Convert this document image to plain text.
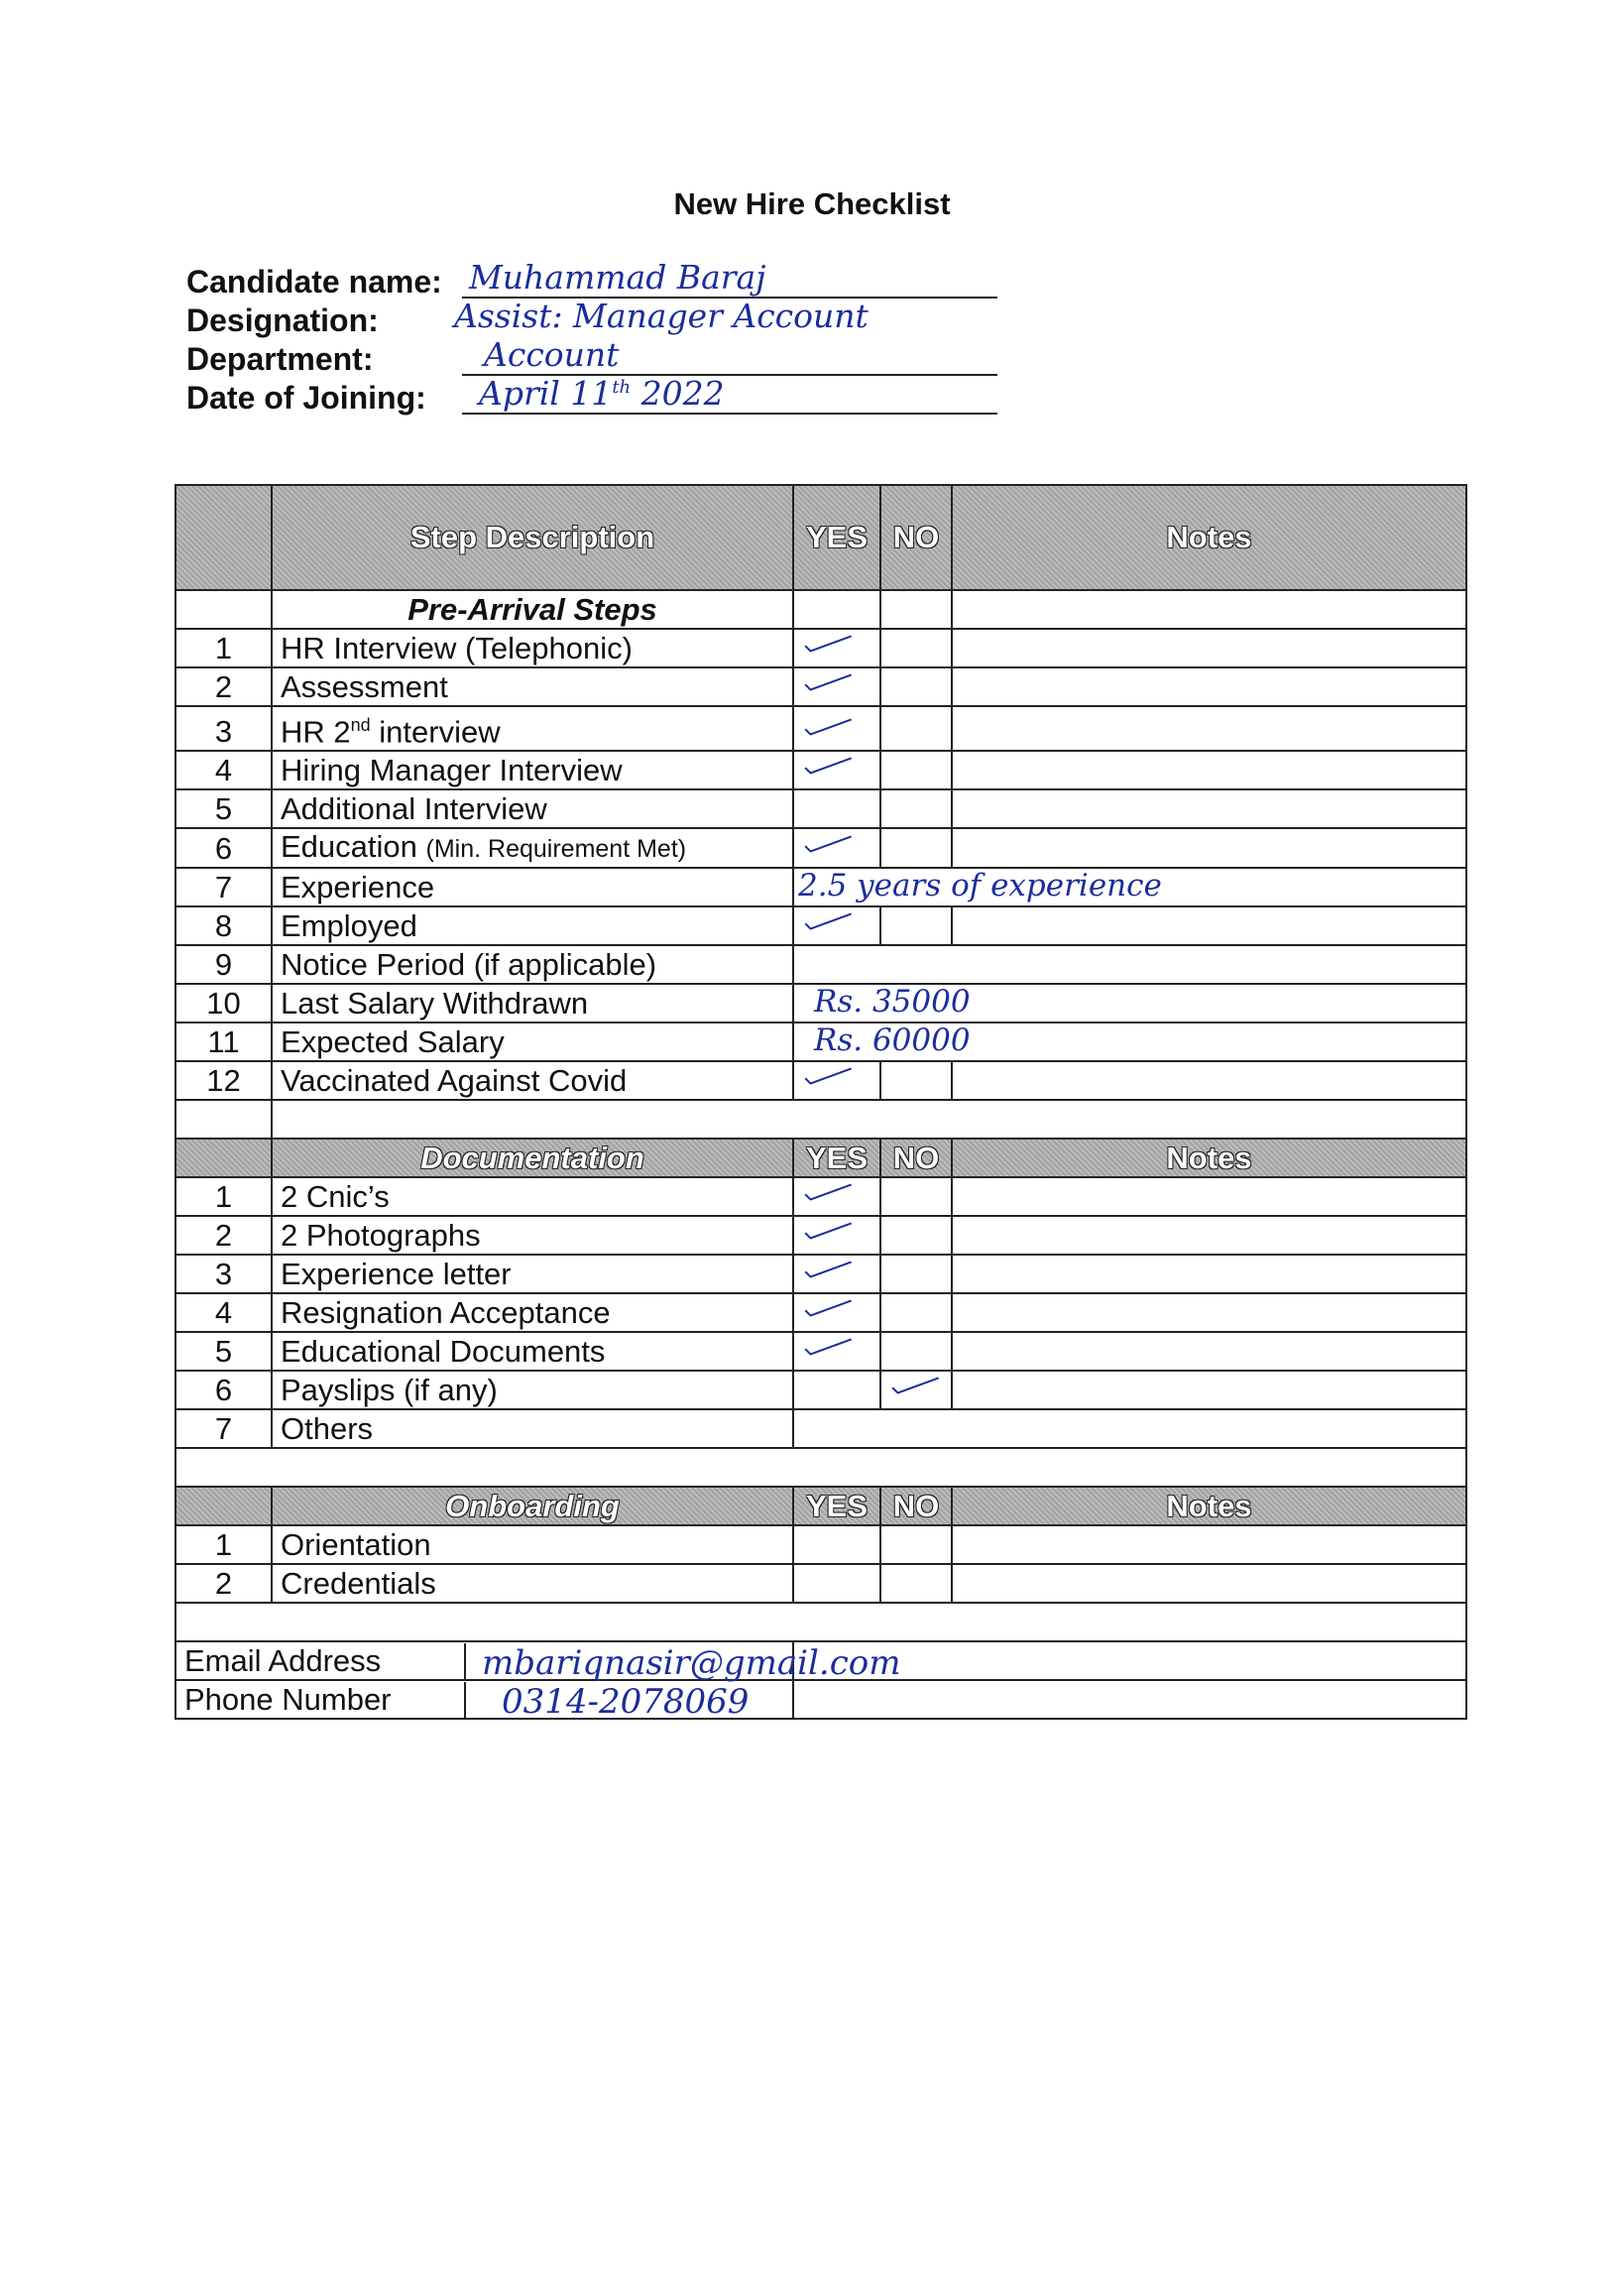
New Hire Checklist
Candidate name: Muhammad Baraj
Designation: Assist: Manager Account
Department:	Account
Date of Joining: April 11th 2022
	Step Description	YES	NO	Notes
	Pre-Arrival Steps			
1	HR Interview (Telephonic)			
2	Assessment			
3	HR 2nd interview			
4	Hiring Manager Interview			
5	Additional Interview			
6	Education (Min. Requirement Met)			
7	Experience	2.5 years of experience		

8	Employed			
9	Notice Period (if applicable)			
10	Last Salary Withdrawn	Rs. 35000		

11	Expected Salary	Rs. 60000		

12	Vaccinated Against Covid			

	Documentation	YES	NO	Notes
1	2 Cnic’s			
2	2 Photographs			
3	Experience letter			
4	Resignation Acceptance			
5	Educational Documents			
6	Payslips (if any)			
7	Others			

	Onboarding	YES	NO	Notes
1	Orientation			
2	Credentials			

Email Address mbariqnasir@gmail.com				

Phone Number 0314-2078069				
